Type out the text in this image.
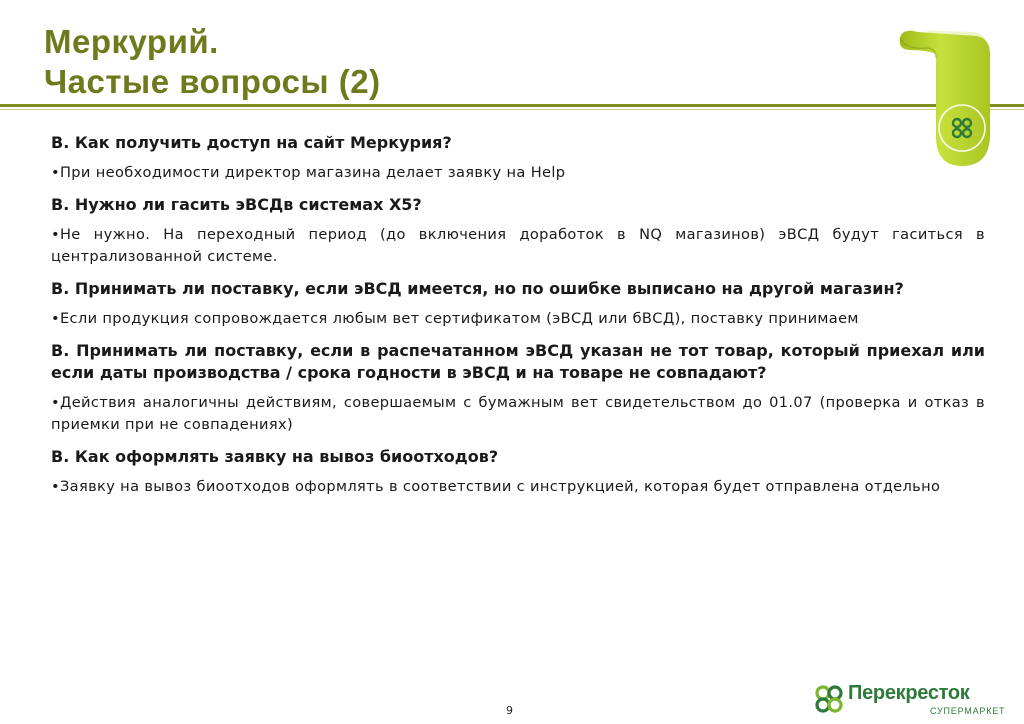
Меркурий.
Частые вопросы (2)
В. Как получить доступ на сайт Меркурия?
•При необходимости директор магазина делает заявку на Help
В. Нужно ли гасить эВСДв системах Х5?
•Не нужно. На переходный период (до включения доработок в NQ магазинов) эВСД будут гаситься в централизованной системе.
В. Принимать ли поставку, если эВСД имеется, но по ошибке выписано на другой магазин?
•Если продукция сопровождается любым вет сертификатом (эВСД или бВСД), поставку принимаем
В. Принимать ли поставку, если в распечатанном эВСД указан не тот товар, который приехал или если даты производства / срока годности в эВСД и на товаре не совпадают?
•Действия аналогичны действиям, совершаемым с бумажным вет свидетельством до 01.07 (проверка и отказ в приемки при не совпадениях)
В. Как оформлять заявку на вывоз биоотходов?
•Заявку на вывоз биоотходов оформлять в соответствии с инструкцией, которая будет отправлена отдельно
9
Перекресток
СУПЕРМАРКЕТ
